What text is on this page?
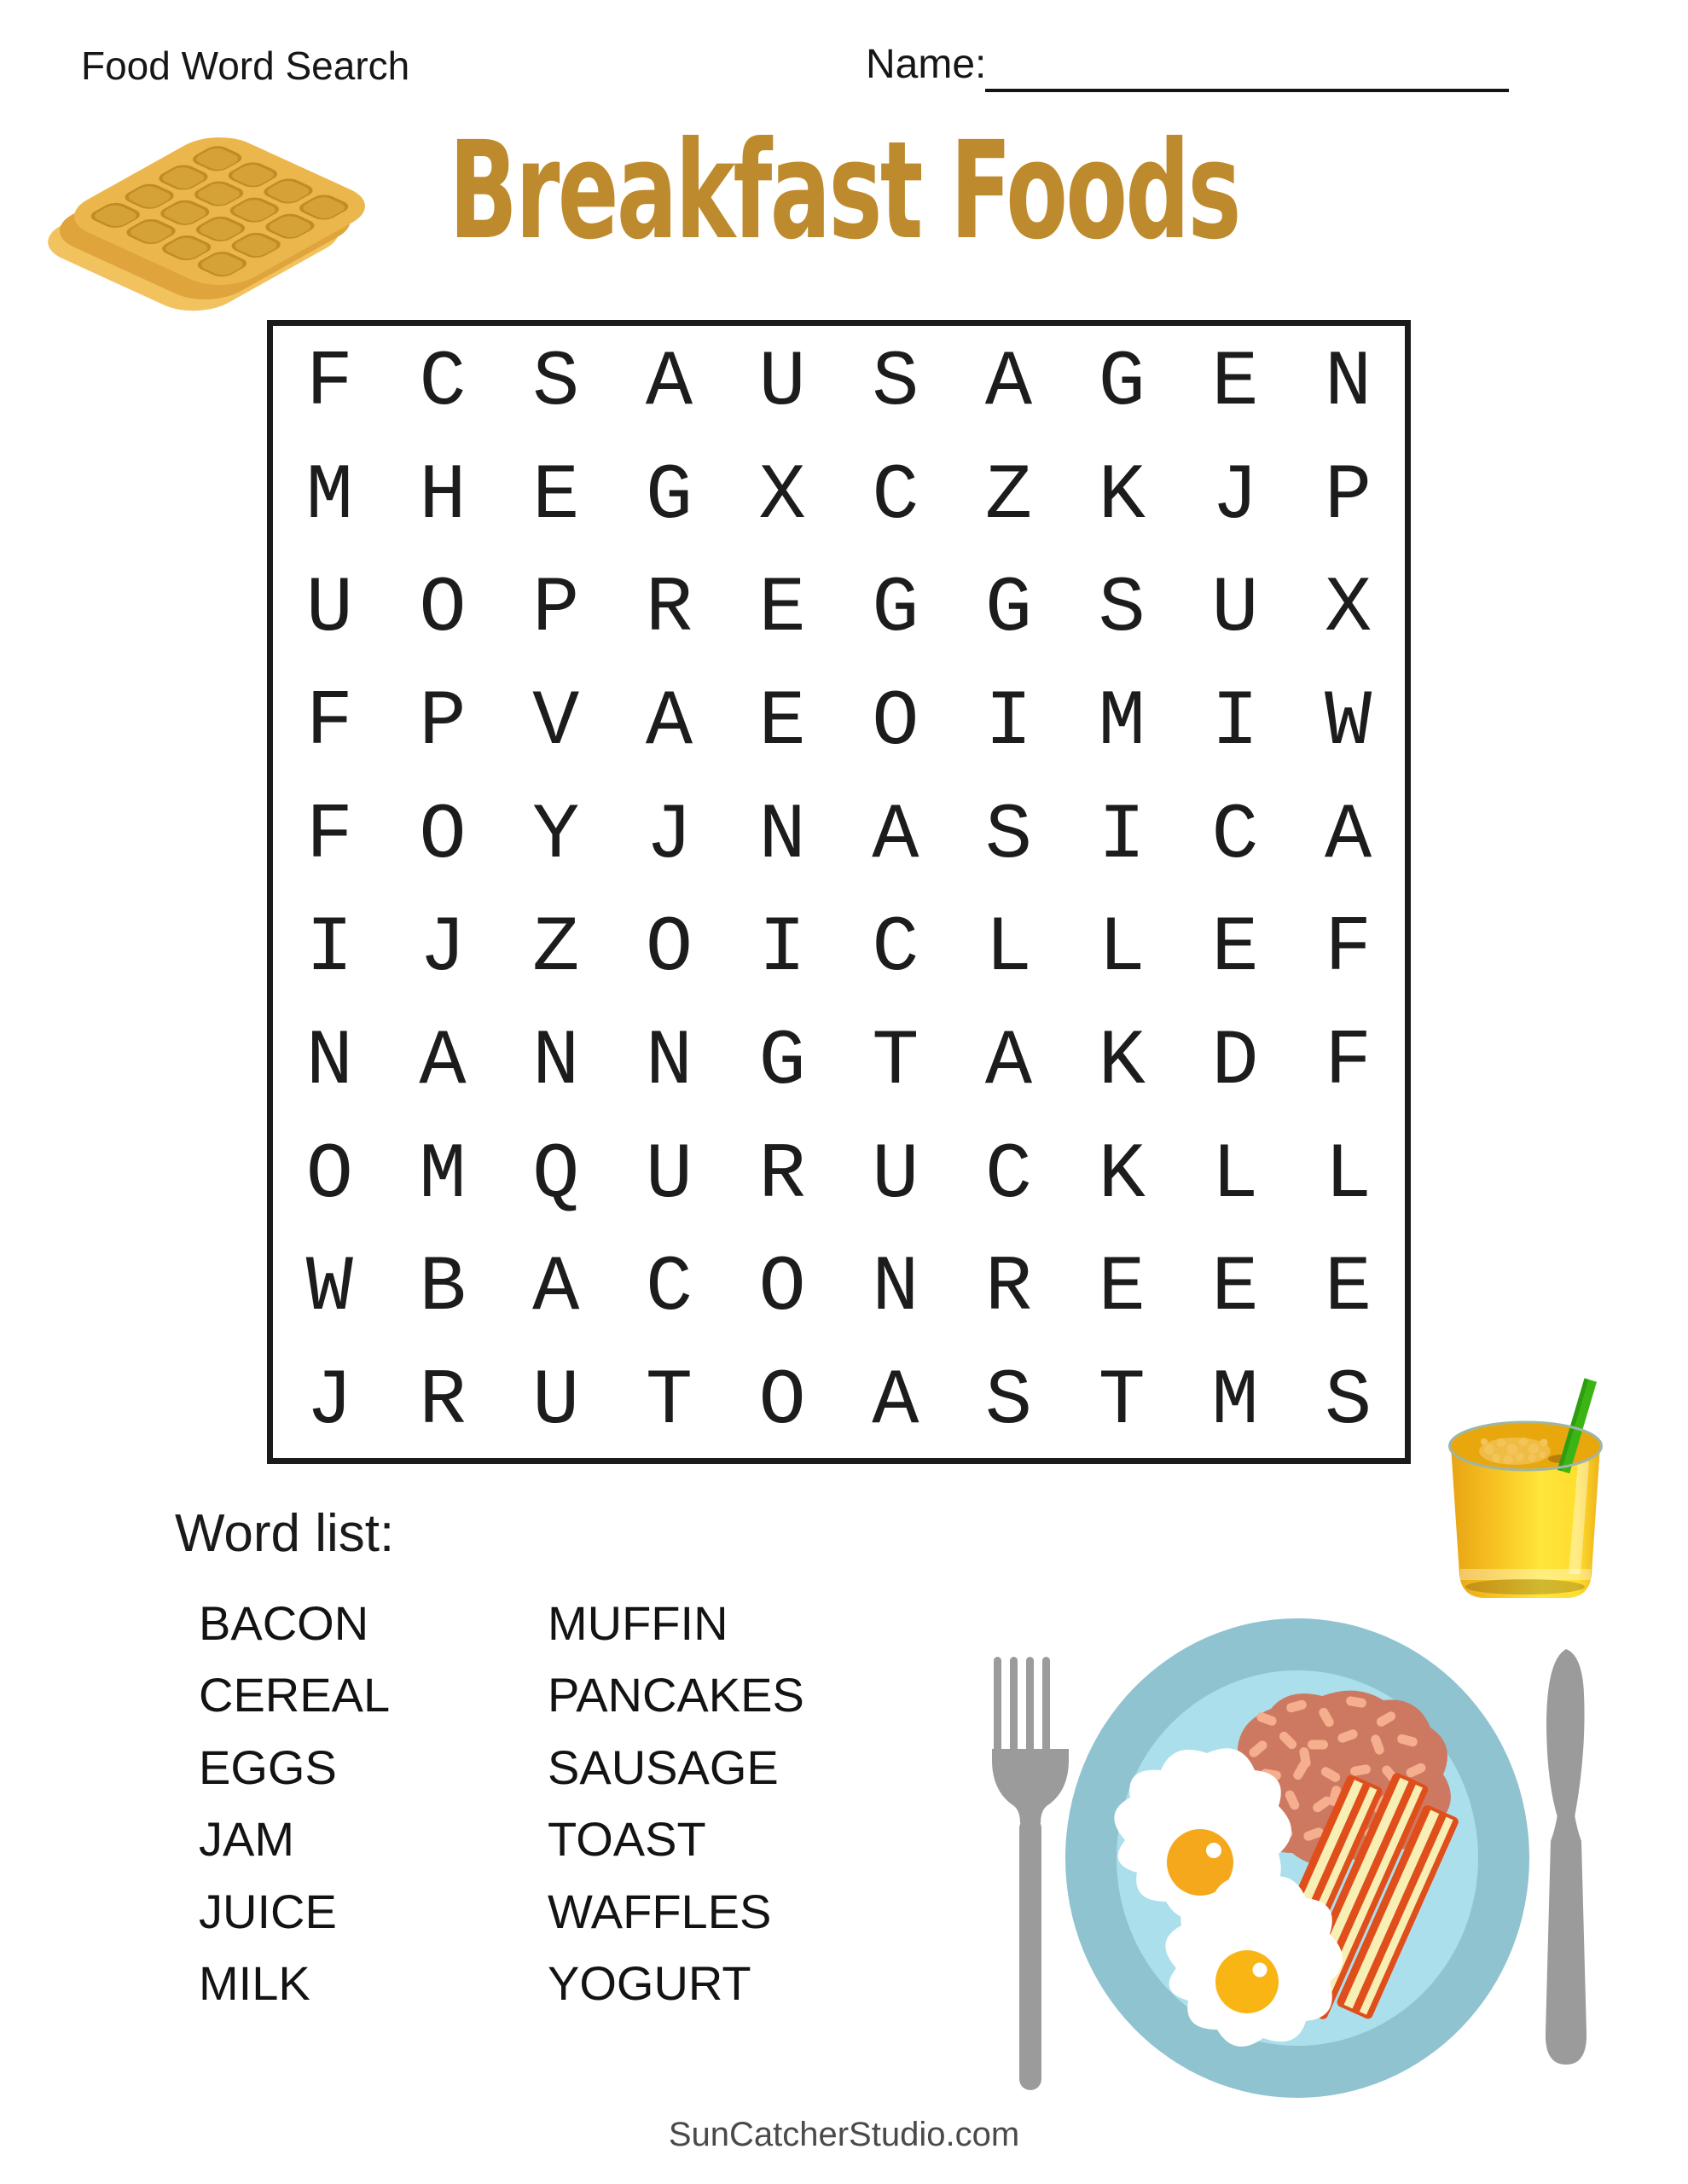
Food Word Search	Name:
Breakfast Foods
F C S A U S A G E N
M H E G X C Z K J P
U O P R E G G S U X
F P V A E O I M I W
F O Y J N A S I C A
I J Z O I C L L E F
N A N N G T A K D F
O M Q U R U C K L L
W B A C O N R E E E
J R U T O A S T M S
Word list:
BACON
CEREAL
EGGS
JAM
JUICE
MILK
MUFFIN
PANCAKES
SAUSAGE
TOAST
WAFFLES
YOGURT
SunCatcherStudio.com
